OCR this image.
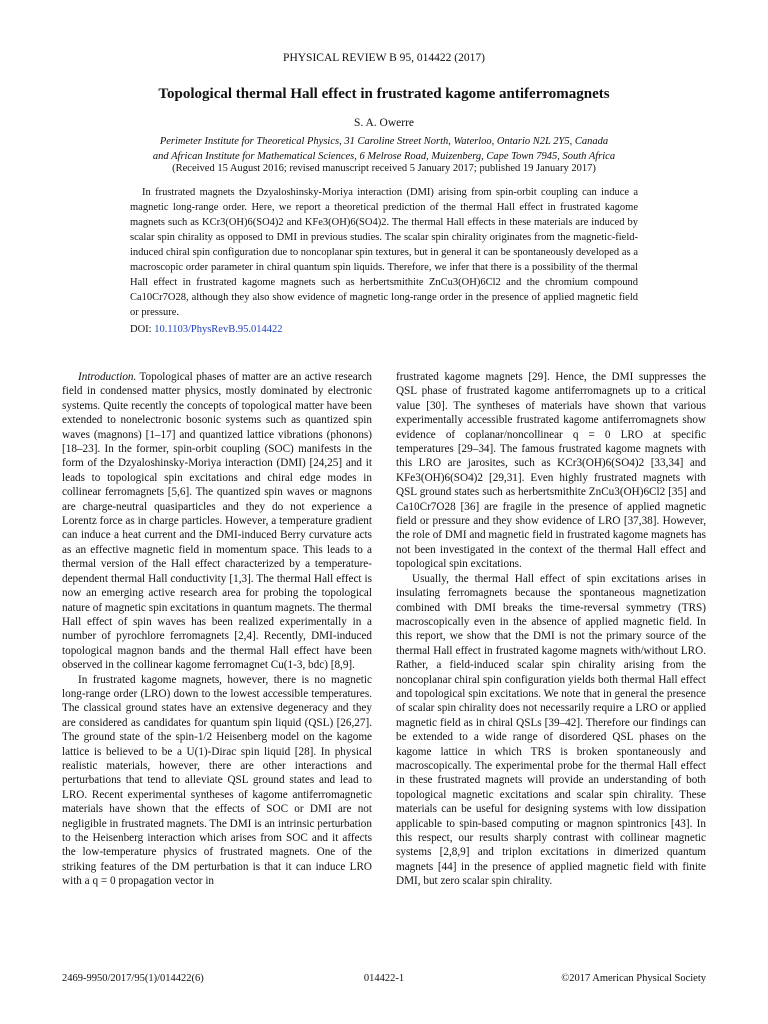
PHYSICAL REVIEW B 95, 014422 (2017)
Topological thermal Hall effect in frustrated kagome antiferromagnets
S. A. Owerre
Perimeter Institute for Theoretical Physics, 31 Caroline Street North, Waterloo, Ontario N2L 2Y5, Canada
and African Institute for Mathematical Sciences, 6 Melrose Road, Muizenberg, Cape Town 7945, South Africa
(Received 15 August 2016; revised manuscript received 5 January 2017; published 19 January 2017)
In frustrated magnets the Dzyaloshinsky-Moriya interaction (DMI) arising from spin-orbit coupling can induce a magnetic long-range order. Here, we report a theoretical prediction of the thermal Hall effect in frustrated kagome magnets such as KCr3(OH)6(SO4)2 and KFe3(OH)6(SO4)2. The thermal Hall effects in these materials are induced by scalar spin chirality as opposed to DMI in previous studies. The scalar spin chirality originates from the magnetic-field-induced chiral spin configuration due to noncoplanar spin textures, but in general it can be spontaneously developed as a macroscopic order parameter in chiral quantum spin liquids. Therefore, we infer that there is a possibility of the thermal Hall effect in frustrated kagome magnets such as herbertsmithite ZnCu3(OH)6Cl2 and the chromium compound Ca10Cr7O28, although they also show evidence of magnetic long-range order in the presence of applied magnetic field or pressure.
DOI: 10.1103/PhysRevB.95.014422

Introduction. Topological phases of matter are an active research field in condensed matter physics, mostly dominated by electronic systems. Quite recently the concepts of topological matter have been extended to nonelectronic bosonic systems such as quantized spin waves (magnons) [1–17] and quantized lattice vibrations (phonons) [18–23]. In the former, spin-orbit coupling (SOC) manifests in the form of the Dzyaloshinsky-Moriya interaction (DMI) [24,25] and it leads to topological spin excitations and chiral edge modes in collinear ferromagnets [5,6]. The quantized spin waves or magnons are charge-neutral quasiparticles and they do not experience a Lorentz force as in charge particles. However, a temperature gradient can induce a heat current and the DMI-induced Berry curvature acts as an effective magnetic field in momentum space. This leads to a thermal version of the Hall effect characterized by a temperature-dependent thermal Hall conductivity [1,3]. The thermal Hall effect is now an emerging active research area for probing the topological nature of magnetic spin excitations in quantum magnets. The thermal Hall effect of spin waves has been realized experimentally in a number of pyrochlore ferromagnets [2,4]. Recently, DMI-induced topological magnon bands and the thermal Hall effect have been observed in the collinear kagome ferromagnet Cu(1-3, bdc) [8,9].

In frustrated kagome magnets, however, there is no magnetic long-range order (LRO) down to the lowest accessible temperatures. The classical ground states have an extensive degeneracy and they are considered as candidates for quantum spin liquid (QSL) [26,27]. The ground state of the spin-1/2 Heisenberg model on the kagome lattice is believed to be a U(1)-Dirac spin liquid [28]. In physical realistic materials, however, there are other interactions and perturbations that tend to alleviate QSL ground states and lead to LRO. Recent experimental syntheses of kagome antiferromagnetic materials have shown that the effects of SOC or DMI are not negligible in frustrated magnets. The DMI is an intrinsic perturbation to the Heisenberg interaction which arises from SOC and it affects the low-temperature physics of frustrated magnets. One of the striking features of the DM perturbation is that it can induce LRO with a q = 0 propagation vector in

frustrated kagome magnets [29]. Hence, the DMI suppresses the QSL phase of frustrated kagome antiferromagnets up to a critical value [30]. The syntheses of materials have shown that various experimentally accessible frustrated kagome antiferromagnets show evidence of coplanar/noncollinear q = 0 LRO at specific temperatures [29–34]. The famous frustrated kagome magnets with this LRO are jarosites, such as KCr3(OH)6(SO4)2 [33,34] and KFe3(OH)6(SO4)2 [29,31]. Even highly frustrated magnets with QSL ground states such as herbertsmithite ZnCu3(OH)6Cl2 [35] and Ca10Cr7O28 [36] are fragile in the presence of applied magnetic field or pressure and they show evidence of LRO [37,38]. However, the role of DMI and magnetic field in frustrated kagome magnets has not been investigated in the context of the thermal Hall effect and topological spin excitations.

Usually, the thermal Hall effect of spin excitations arises in insulating ferromagnets because the spontaneous magnetization combined with DMI breaks the time-reversal symmetry (TRS) macroscopically even in the absence of applied magnetic field. In this report, we show that the DMI is not the primary source of the thermal Hall effect in frustrated kagome magnets with/without LRO. Rather, a field-induced scalar spin chirality arising from the noncoplanar chiral spin configuration yields both thermal Hall effect and topological spin excitations. We note that in general the presence of scalar spin chirality does not necessarily require a LRO or applied magnetic field as in chiral QSLs [39–42]. Therefore our findings can be extended to a wide range of disordered QSL phases on the kagome lattice in which TRS is broken spontaneously and macroscopically. The experimental probe for the thermal Hall effect in these frustrated magnets will provide an understanding of both topological magnetic excitations and scalar spin chirality. These materials can be useful for designing systems with low dissipation applicable to spin-based computing or magnon spintronics [43]. In this respect, our results sharply contrast with collinear magnetic systems [2,8,9] and triplon excitations in dimerized quantum magnets [44] in the presence of applied magnetic field with finite DMI, but zero scalar spin chirality.

2469-9950/2017/95(1)/014422(6)	014422-1	©2017 American Physical Society
